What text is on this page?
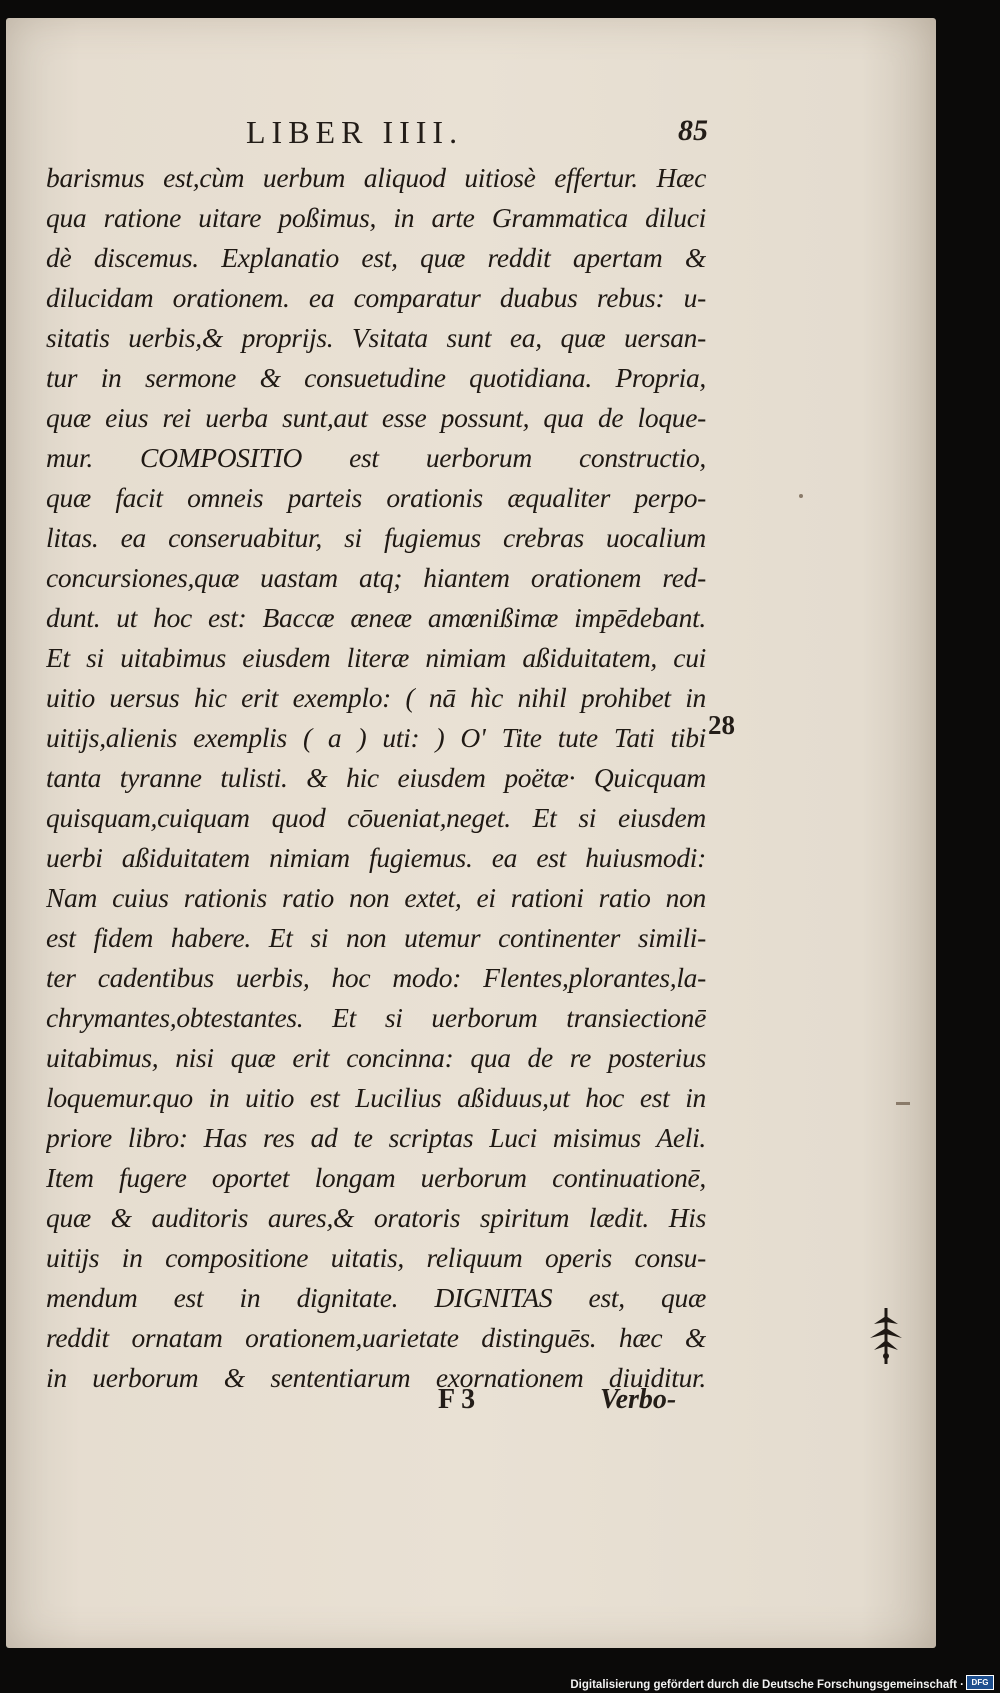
LIBER IIII.	85
barismus est,cùm uerbum aliquod uitiosè effertur. Hæc
qua ratione uitare poßimus, in arte Grammatica diluci
dè discemus. Explanatio est, quæ reddit apertam &
dilucidam orationem. ea comparatur duabus rebus: u-
sitatis uerbis,& proprijs. Vsitata sunt ea, quæ uersan-
tur in sermone & consuetudine quotidiana. Propria,
quæ eius rei uerba sunt,aut esse possunt, qua de loque-
mur. COMPOSITIO est uerborum constructio,
quæ facit omneis parteis orationis æqualiter perpo-
litas. ea conseruabitur, si fugiemus crebras uocalium
concursiones,quæ uastam atq; hiantem orationem red-
dunt. ut hoc est: Baccæ æneæ amœnißimæ impēdebant.
Et si uitabimus eiusdem literæ nimiam aßiduitatem, cui
uitio uersus hic erit exemplo: ( nā hìc nihil prohibet in
uitijs,alienis exemplis ( a ) uti: ) O' Tite tute Tati tibi
tanta tyranne tulisti. & hic eiusdem poëtæ· Quicquam
quisquam,cuiquam quod cōueniat,neget. Et si eiusdem
uerbi aßiduitatem nimiam fugiemus. ea est huiusmodi:
Nam cuius rationis ratio non extet, ei rationi ratio non
est fidem habere. Et si non utemur continenter simili-
ter cadentibus uerbis, hoc modo: Flentes,plorantes,la-
chrymantes,obtestantes. Et si uerborum transiectionē
uitabimus, nisi quæ erit concinna: qua de re posterius
loquemur.quo in uitio est Lucilius aßiduus,ut hoc est in
priore libro: Has res ad te scriptas Luci misimus Aeli.
Item fugere oportet longam uerborum continuationē,
quæ & auditoris aures,& oratoris spiritum lædit. His
uitijs in compositione uitatis, reliquum operis consu-
mendum est in dignitate. DIGNITAS est, quæ
reddit ornatam orationem,uarietate distinguēs. hæc &
in uerborum & sententiarum exornationem diuiditur.
28
F 3	Verbo-
Digitalisierung gefördert durch die Deutsche Forschungsgemeinschaft · DFG
